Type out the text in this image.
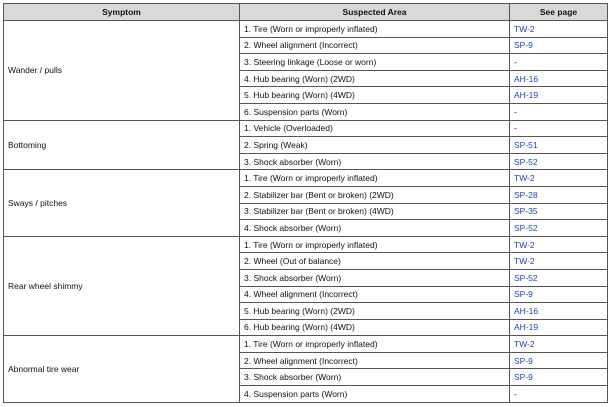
Symptom	Suspected Area	See page
Wander / pulls	1. Tire (Worn or improperly inflated)	TW-2
	2. Wheel alignment (Incorrect)	SP-9
	3. Steering linkage (Loose or worn)	-
	4. Hub bearing (Worn) (2WD)	AH-16
	5. Hub bearing (Worn) (4WD)	AH-19
	6. Suspension parts (Worn)	-
Bottoming	1. Vehicle (Overloaded)	-
	2. Spring (Weak)	SP-51
	3. Shock absorber (Worn)	SP-52
Sways / pitches	1. Tire (Worn or improperly inflated)	TW-2
	2. Stabilizer bar (Bent or broken) (2WD)	SP-28
	3. Stabilizer bar (Bent or broken) (4WD)	SP-35
	4. Shock absorber (Worn)	SP-52
Rear wheel shimmy	1. Tire (Worn or improperly inflated)	TW-2
	2. Wheel (Out of balance)	TW-2
	3. Shock absorber (Worn)	SP-52
	4. Wheel alignment (Incorrect)	SP-9
	5. Hub bearing (Worn) (2WD)	AH-16
	6. Hub bearing (Worn) (4WD)	AH-19
Abnormal tire wear	1. Tire (Worn or improperly inflated)	TW-2
	2. Wheel alignment (Incorrect)	SP-9
	3. Shock absorber (Worn)	SP-9
	4. Suspension parts (Worn)	-
